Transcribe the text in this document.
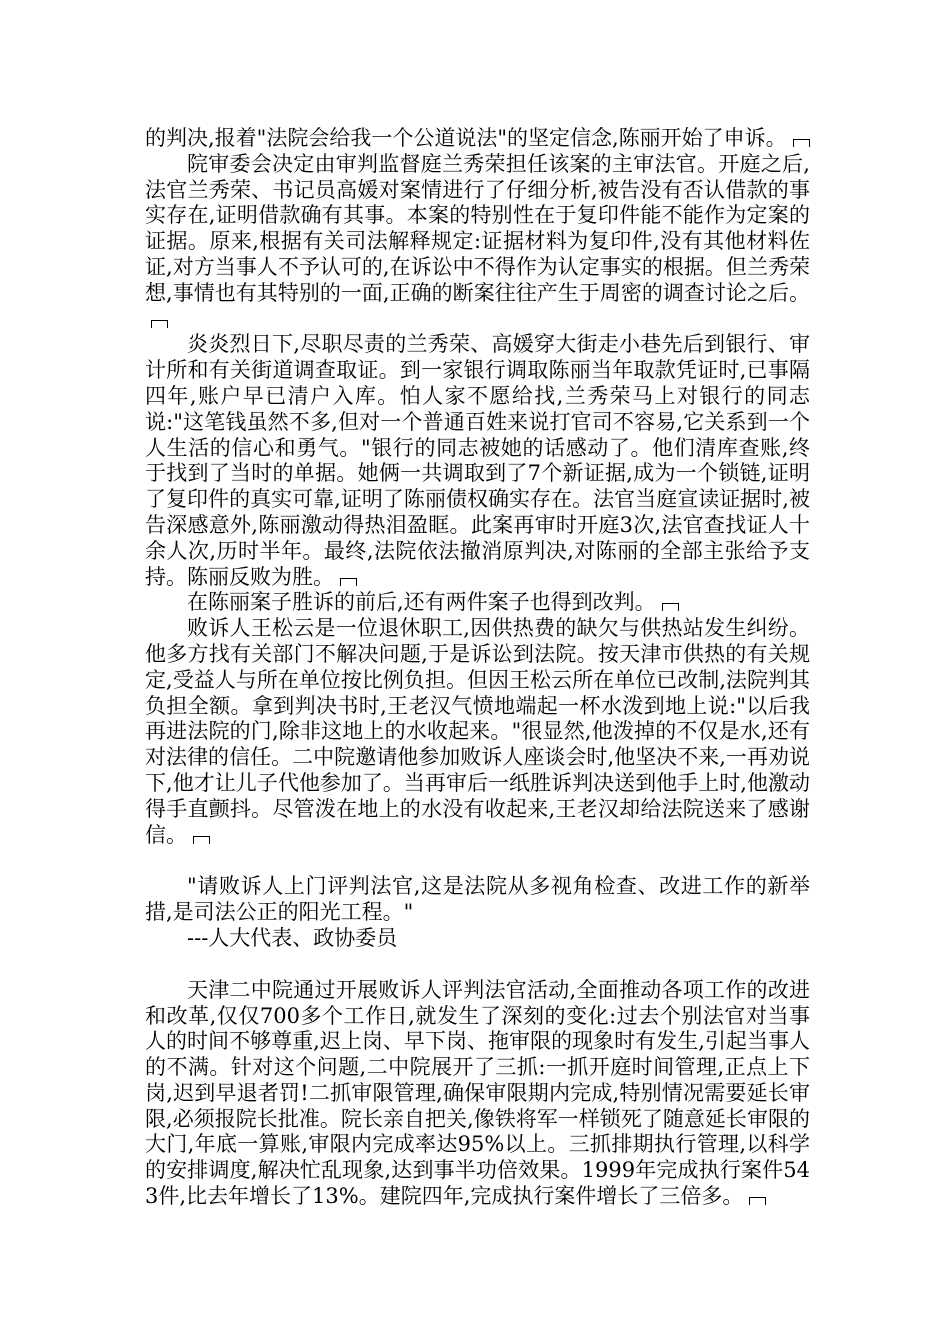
的判决,报着"法院会给我一个公道说法"的坚定信念,陈丽开始了申诉。

院审委会决定由审判监督庭兰秀荣担任该案的主审法官。开庭之后,法官兰秀荣、书记员高媛对案情进行了仔细分析,被告没有否认借款的事实存在,证明借款确有其事。本案的特别性在于复印件能不能作为定案的证据。原来,根据有关司法解释规定:证据材料为复印件,没有其他材料佐证,对方当事人不予认可的,在诉讼中不得作为认定事实的根据。但兰秀荣想,事情也有其特别的一面,正确的断案往往产生于周密的调查讨论之后。

炎炎烈日下,尽职尽责的兰秀荣、高媛穿大街走小巷先后到银行、审计所和有关街道调查取证。到一家银行调取陈丽当年取款凭证时,已事隔四年,账户早已清户入库。怕人家不愿给找,兰秀荣马上对银行的同志说:"这笔钱虽然不多,但对一个普通百姓来说打官司不容易,它关系到一个人生活的信心和勇气。"银行的同志被她的话感动了。他们清库查账,终于找到了当时的单据。她俩一共调取到了7个新证据,成为一个锁链,证明了复印件的真实可靠,证明了陈丽债权确实存在。法官当庭宣读证据时,被告深感意外,陈丽激动得热泪盈眶。此案再审时开庭3次,法官查找证人十余人次,历时半年。最终,法院依法撤消原判决,对陈丽的全部主张给予支持。陈丽反败为胜。

在陈丽案子胜诉的前后,还有两件案子也得到改判。

败诉人王松云是一位退休职工,因供热费的缺欠与供热站发生纠纷。他多方找有关部门不解决问题,于是诉讼到法院。按天津市供热的有关规定,受益人与所在单位按比例负担。但因王松云所在单位已改制,法院判其负担全额。拿到判决书时,王老汉气愤地端起一杯水泼到地上说:"以后我再进法院的门,除非这地上的水收起来。"很显然,他泼掉的不仅是水,还有对法律的信任。二中院邀请他参加败诉人座谈会时,他坚决不来,一再劝说下,他才让儿子代他参加了。当再审后一纸胜诉判决送到他手上时,他激动得手直颤抖。尽管泼在地上的水没有收起来,王老汉却给法院送来了感谢信。

"请败诉人上门评判法官,这是法院从多视角检查、改进工作的新举措,是司法公正的阳光工程。"

---人大代表、政协委员

天津二中院通过开展败诉人评判法官活动,全面推动各项工作的改进和改革,仅仅700多个工作日,就发生了深刻的变化:过去个别法官对当事人的时间不够尊重,迟上岗、早下岗、拖审限的现象时有发生,引起当事人的不满。针对这个问题,二中院展开了三抓:一抓开庭时间管理,正点上下岗,迟到早退者罚!二抓审限管理,确保审限期内完成,特别情况需要延长审限,必须报院长批准。院长亲自把关,像铁将军一样锁死了随意延长审限的大门,年底一算账,审限内完成率达95%以上。三抓排期执行管理,以科学的安排调度,解决忙乱现象,达到事半功倍效果。1999年完成执行案件543件,比去年增长了13%。建院四年,完成执行案件增长了三倍多。
